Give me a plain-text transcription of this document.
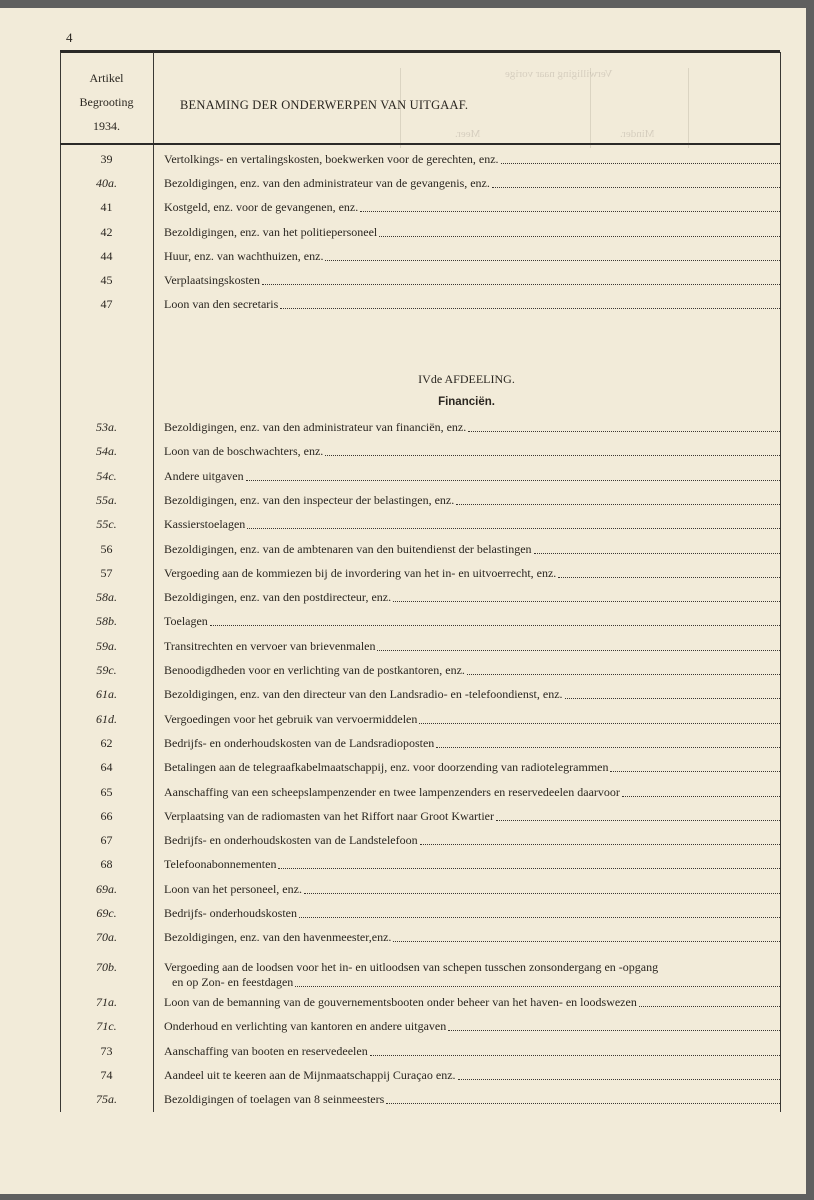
4
Verwilliging naar vorige
Meer.	Minder.
Artikel
Begrooting
1934.
BENAMING DER ONDERWERPEN VAN UITGAAF.
39	Vertolkings- en vertalingskosten, boekwerken voor de gerechten, enz.
40a.	Bezoldigingen, enz. van den administrateur van de gevangenis, enz.
41	Kostgeld, enz. voor de gevangenen, enz.
42	Bezoldigingen, enz. van het politiepersoneel
44	Huur, enz. van wachthuizen, enz.
45	Verplaatsingskosten
47	Loon van den secretaris
IVde AFDEELING.
Financiën.
53a.	Bezoldigingen, enz. van den administrateur van financiën, enz.
54a.	Loon van de boschwachters, enz.
54c.	Andere uitgaven
55a.	Bezoldigingen, enz. van den inspecteur der belastingen, enz.
55c.	Kassierstoelagen
56	Bezoldigingen, enz. van de ambtenaren van den buitendienst der belastingen
57	Vergoeding aan de kommiezen bij de invordering van het in- en uitvoerrecht, enz.
58a.	Bezoldigingen, enz. van den postdirecteur, enz.
58b.	Toelagen
59a.	Transitrechten en vervoer van brievenmalen
59c.	Benoodigdheden voor en verlichting van de postkantoren, enz.
61a.	Bezoldigingen, enz. van den directeur van den Landsradio- en -telefoondienst, enz.
61d.	Vergoedingen voor het gebruik van vervoermiddelen
62	Bedrijfs- en onderhoudskosten van de Landsradioposten
64	Betalingen aan de telegraafkabelmaatschappij, enz. voor doorzending van radiotelegrammen
65	Aanschaffing van een scheepslampenzender en twee lampenzenders en reservedeelen daarvoor
66	Verplaatsing van de radiomasten van het Riffort naar Groot Kwartier
67	Bedrijfs- en onderhoudskosten van de Landstelefoon
68	Telefoonabonnementen
69a.	Loon van het personeel, enz.
69c.	Bedrijfs- onderhoudskosten
70a.	Bezoldigingen, enz. van den havenmeester,enz.
70b.	Vergoeding aan de loodsen voor het in- en uitloodsen van schepen tusschen zonsondergang en -opgang
en op Zon- en feestdagen
71a.	Loon van de bemanning van de gouvernementsbooten onder beheer van het haven- en loodswezen
71c.	Onderhoud en verlichting van kantoren en andere uitgaven
73	Aanschaffing van booten en reservedeelen
74	Aandeel uit te keeren aan de Mijnmaatschappij Curaçao enz.
75a.	Bezoldigingen of toelagen van 8 seinmeesters
